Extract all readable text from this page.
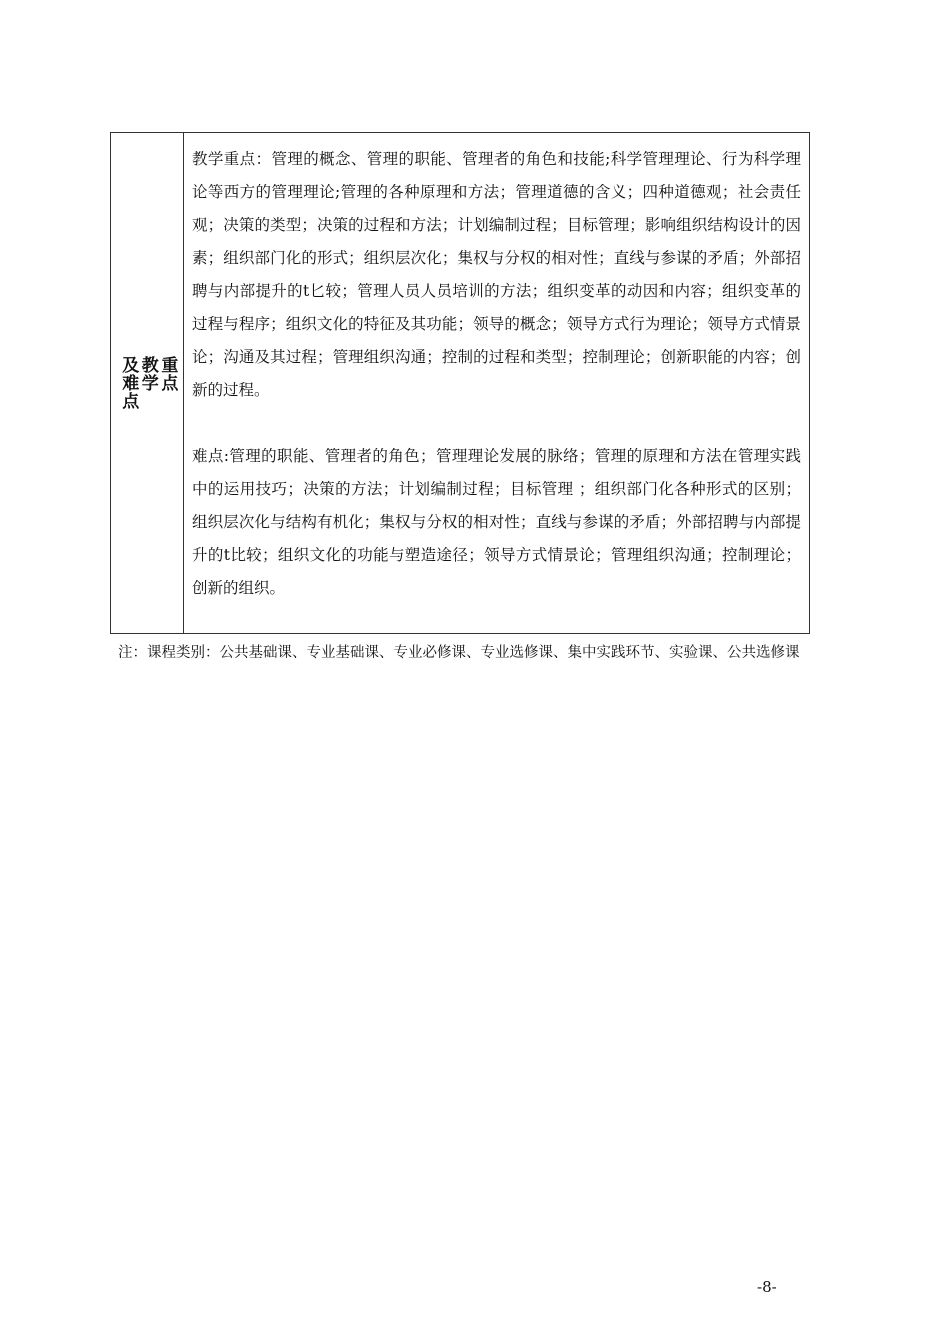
重点
教学
及难点

教学重点：管理的概念、管理的职能、管理者的角色和技能;科学管理理论、行为科学理论等西方的管理理论;管理的各种原理和方法；管理道德的含义；四种道德观；社会责任观；决策的类型；决策的过程和方法；计划编制过程；目标管理；影响组织结构设计的因素；组织部门化的形式；组织层次化；集权与分权的相对性；直线与参谋的矛盾；外部招聘与内部提升的t匕较；管理人员人员培训的方法；组织变革的动因和内容；组织变革的过程与程序；组织文化的特征及其功能；领导的概念；领导方式行为理论；领导方式情景论；沟通及其过程；管理组织沟通；控制的过程和类型；控制理论；创新职能的内容；创新的过程。

难点:管理的职能、管理者的角色；管理理论发展的脉络；管理的原理和方法在管理实践中的运用技巧；决策的方法；计划编制过程；目标管理 ；组织部门化各种形式的区别；组织层次化与结构有机化；集权与分权的相对性；直线与参谋的矛盾；外部招聘与内部提升的t比较；组织文化的功能与塑造途径；领导方式情景论；管理组织沟通；控制理论；创新的组织。

注：课程类别：公共基础课、专业基础课、专业必修课、专业选修课、集中实践环节、实验课、公共选修课

-8-
